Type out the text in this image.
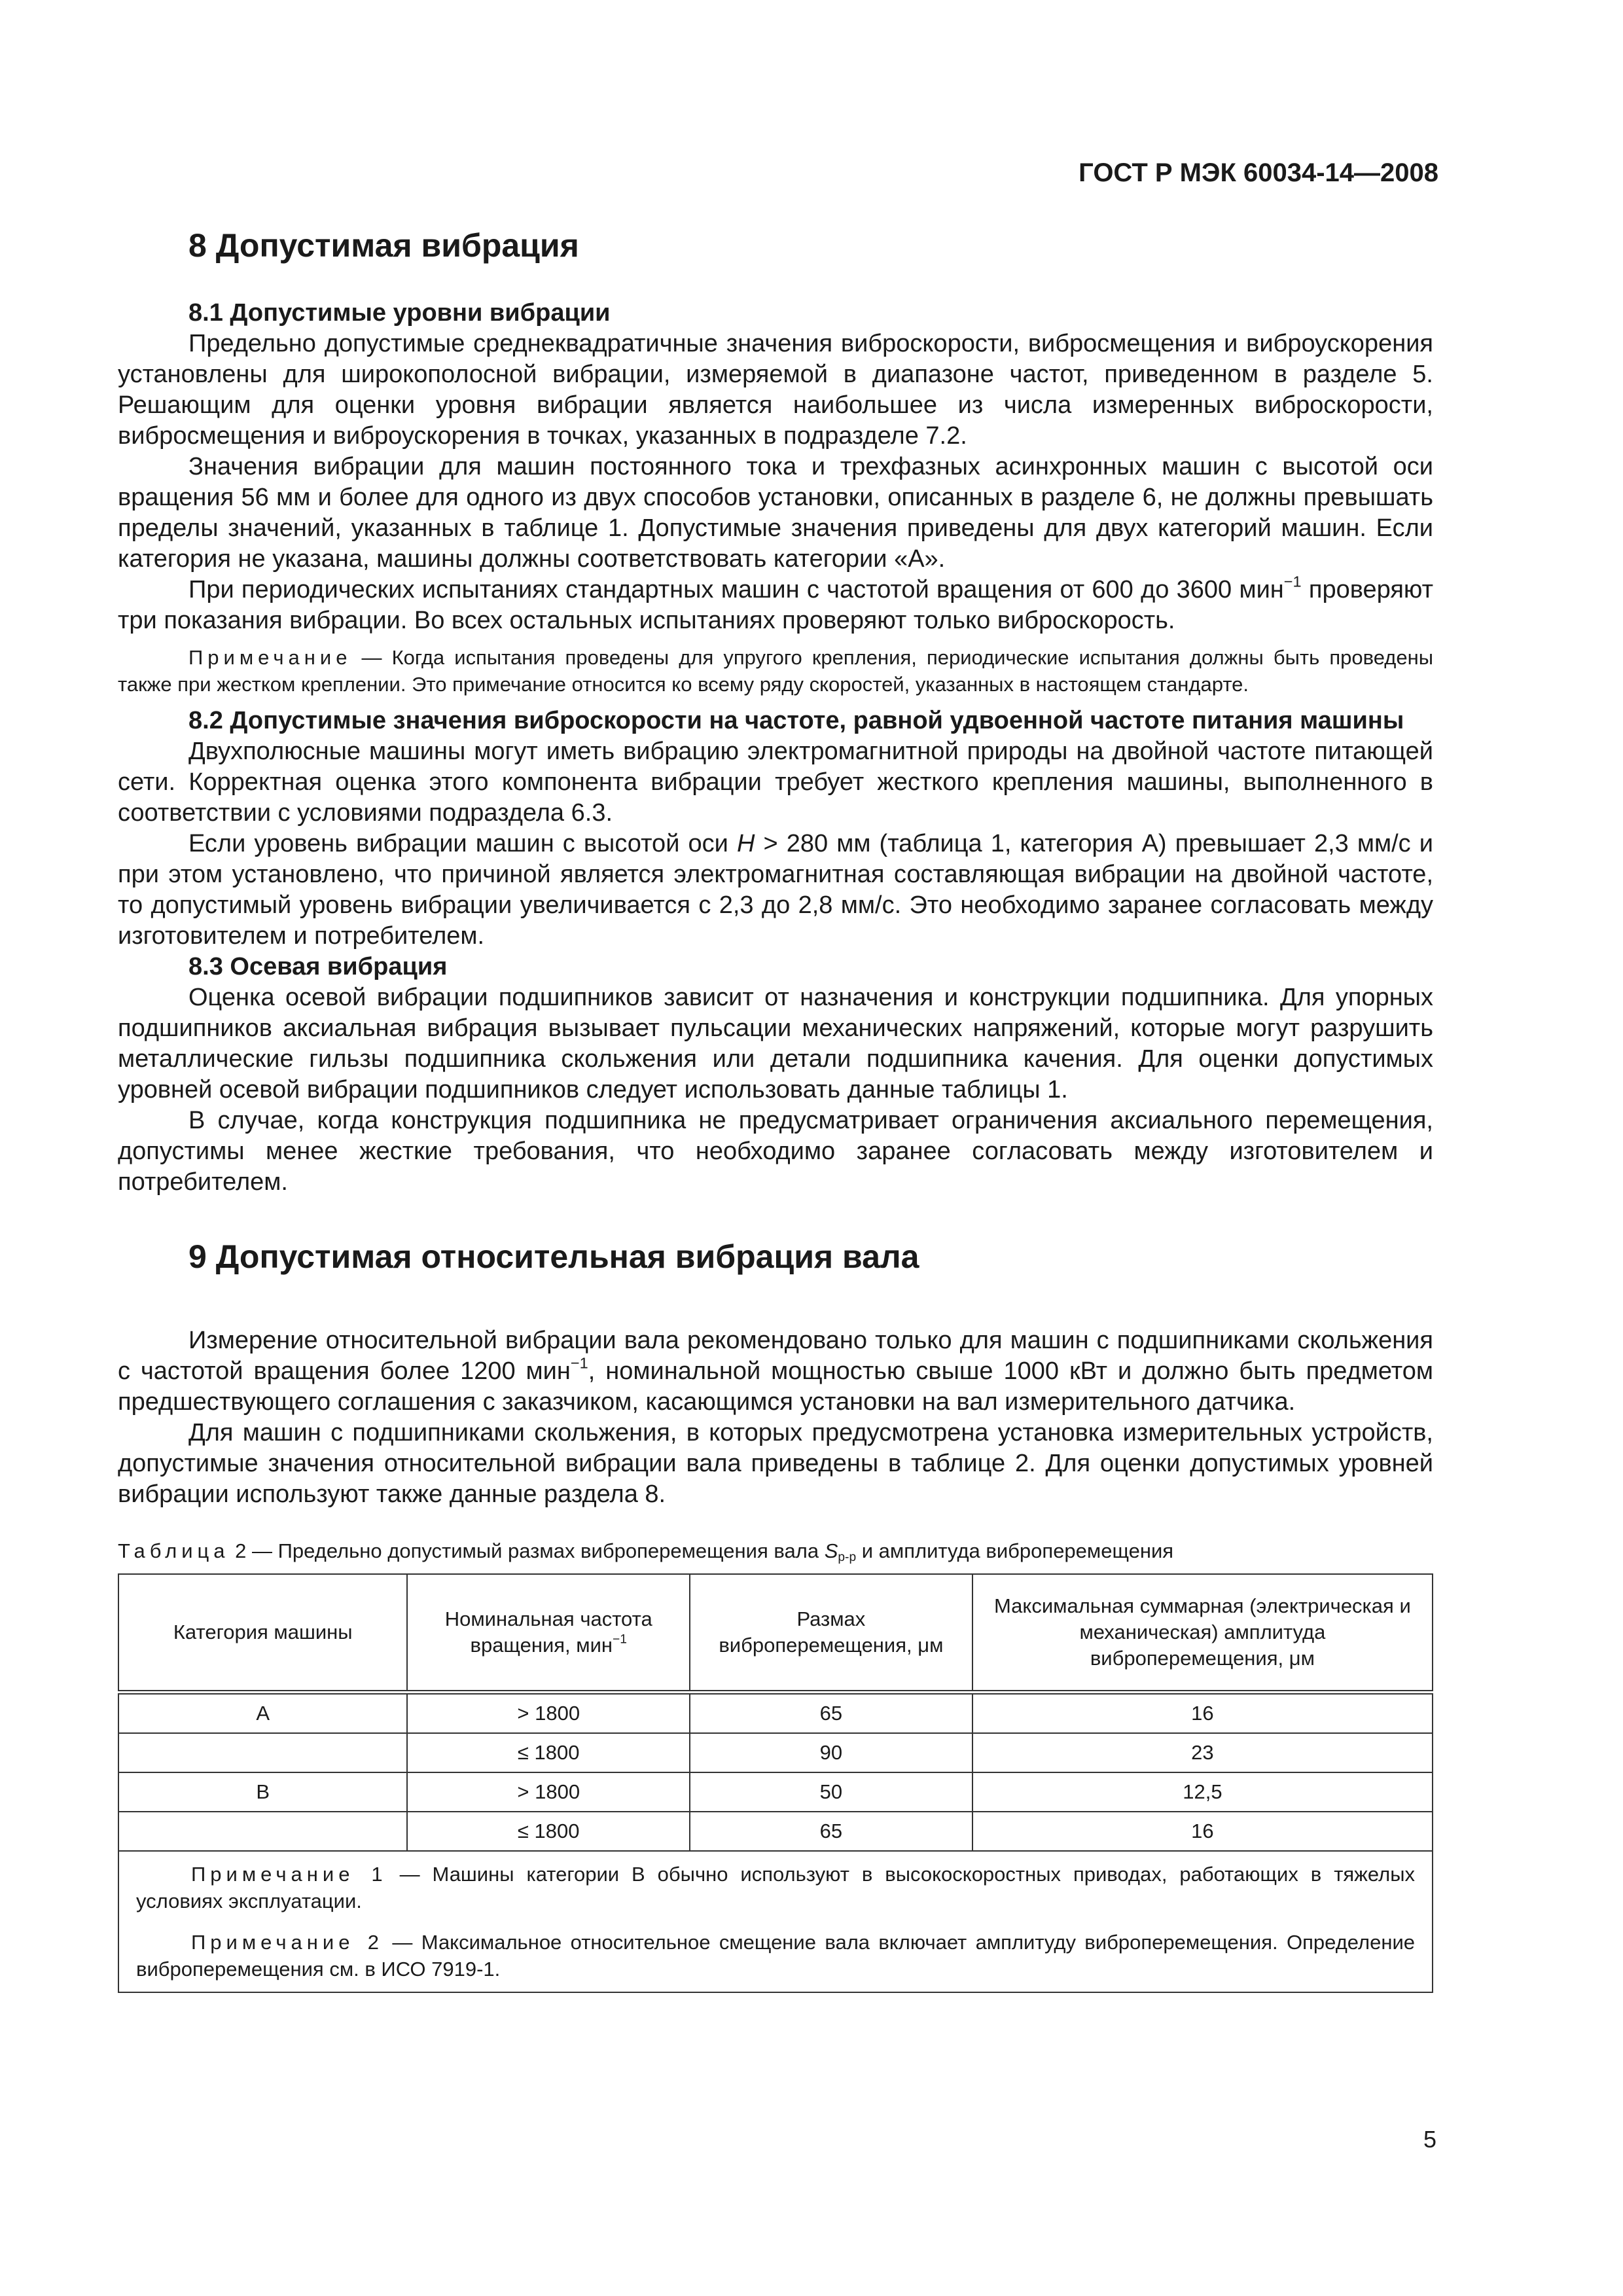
ГОСТ Р МЭК 60034-14—2008
8 Допустимая вибрация
8.1 Допустимые уровни вибрации

Предельно допустимые среднеквадратичные значения виброскорости, вибросмещения и виброускорения установлены для широкополосной вибрации, измеряемой в диапазоне частот, приведенном в разделе 5. Решающим для оценки уровня вибрации является наибольшее из числа измеренных виброскорости, вибросмещения и виброускорения в точках, указанных в подразделе 7.2.

Значения вибрации для машин постоянного тока и трехфазных асинхронных машин с высотой оси вращения 56 мм и более для одного из двух способов установки, описанных в разделе 6, не должны превышать пределы значений, указанных в таблице 1. Допустимые значения приведены для двух категорий машин. Если категория не указана, машины должны соответствовать категории «А».

При периодических испытаниях стандартных машин с частотой вращения от 600 до 3600 мин$^{-1}$ проверяют три показания вибрации. Во всех остальных испытаниях проверяют только виброскорость.

Примечание — Когда испытания проведены для упругого крепления, периодические испытания должны быть проведены также при жестком креплении. Это примечание относится ко всему ряду скоростей, указанных в настоящем стандарте.

8.2 Допустимые значения виброскорости на частоте, равной удвоенной частоте питания машины

Двухполюсные машины могут иметь вибрацию электромагнитной природы на двойной частоте питающей сети. Корректная оценка этого компонента вибрации требует жесткого крепления машины, выполненного в соответствии с условиями подраздела 6.3.

Если уровень вибрации машин с высотой оси H > 280 мм (таблица 1, категория А) превышает 2,3 мм/с и при этом установлено, что причиной является электромагнитная составляющая вибрации на двойной частоте, то допустимый уровень вибрации увеличивается с 2,3 до 2,8 мм/с. Это необходимо заранее согласовать между изготовителем и потребителем.

8.3 Осевая вибрация

Оценка осевой вибрации подшипников зависит от назначения и конструкции подшипника. Для упорных подшипников аксиальная вибрация вызывает пульсации механических напряжений, которые могут разрушить металлические гильзы подшипника скольжения или детали подшипника качения. Для оценки допустимых уровней осевой вибрации подшипников следует использовать данные таблицы 1.

В случае, когда конструкция подшипника не предусматривает ограничения аксиального перемещения, допустимы менее жесткие требования, что необходимо заранее согласовать между изготовителем и потребителем.

9 Допустимая относительная вибрация вала

Измерение относительной вибрации вала рекомендовано только для машин с подшипниками скольжения с частотой вращения более 1200 мин$^{-1}$, номинальной мощностью свыше 1000 кВт и должно быть предметом предшествующего соглашения с заказчиком, касающимся установки на вал измерительного датчика.

Для машин с подшипниками скольжения, в которых предусмотрена установка измерительных устройств, допустимые значения относительной вибрации вала приведены в таблице 2. Для оценки допустимых уровней вибрации используют также данные раздела 8.

Таблица 2 — Предельно допустимый размах виброперемещения вала $S_{p-p}$ и амплитуда виброперемещения
Категория машины	Номинальная частота вращения, мин$^{-1}$	Размах виброперемещения, μм	Максимальная суммарная (электрическая и механическая) амплитуда виброперемещения, μм
А	> 1800	65	16
	≤ 1800	90	23
В	> 1800	50	12,5
	≤ 1800	65	16

Примечание 1 — Машины категории В обычно используют в высокоскоростных приводах, работающих в тяжелых условиях эксплуатации.

Примечание 2 — Максимальное относительное смещение вала включает амплитуду виброперемещения. Определение виброперемещения см. в ИСО 7919-1.			

5
